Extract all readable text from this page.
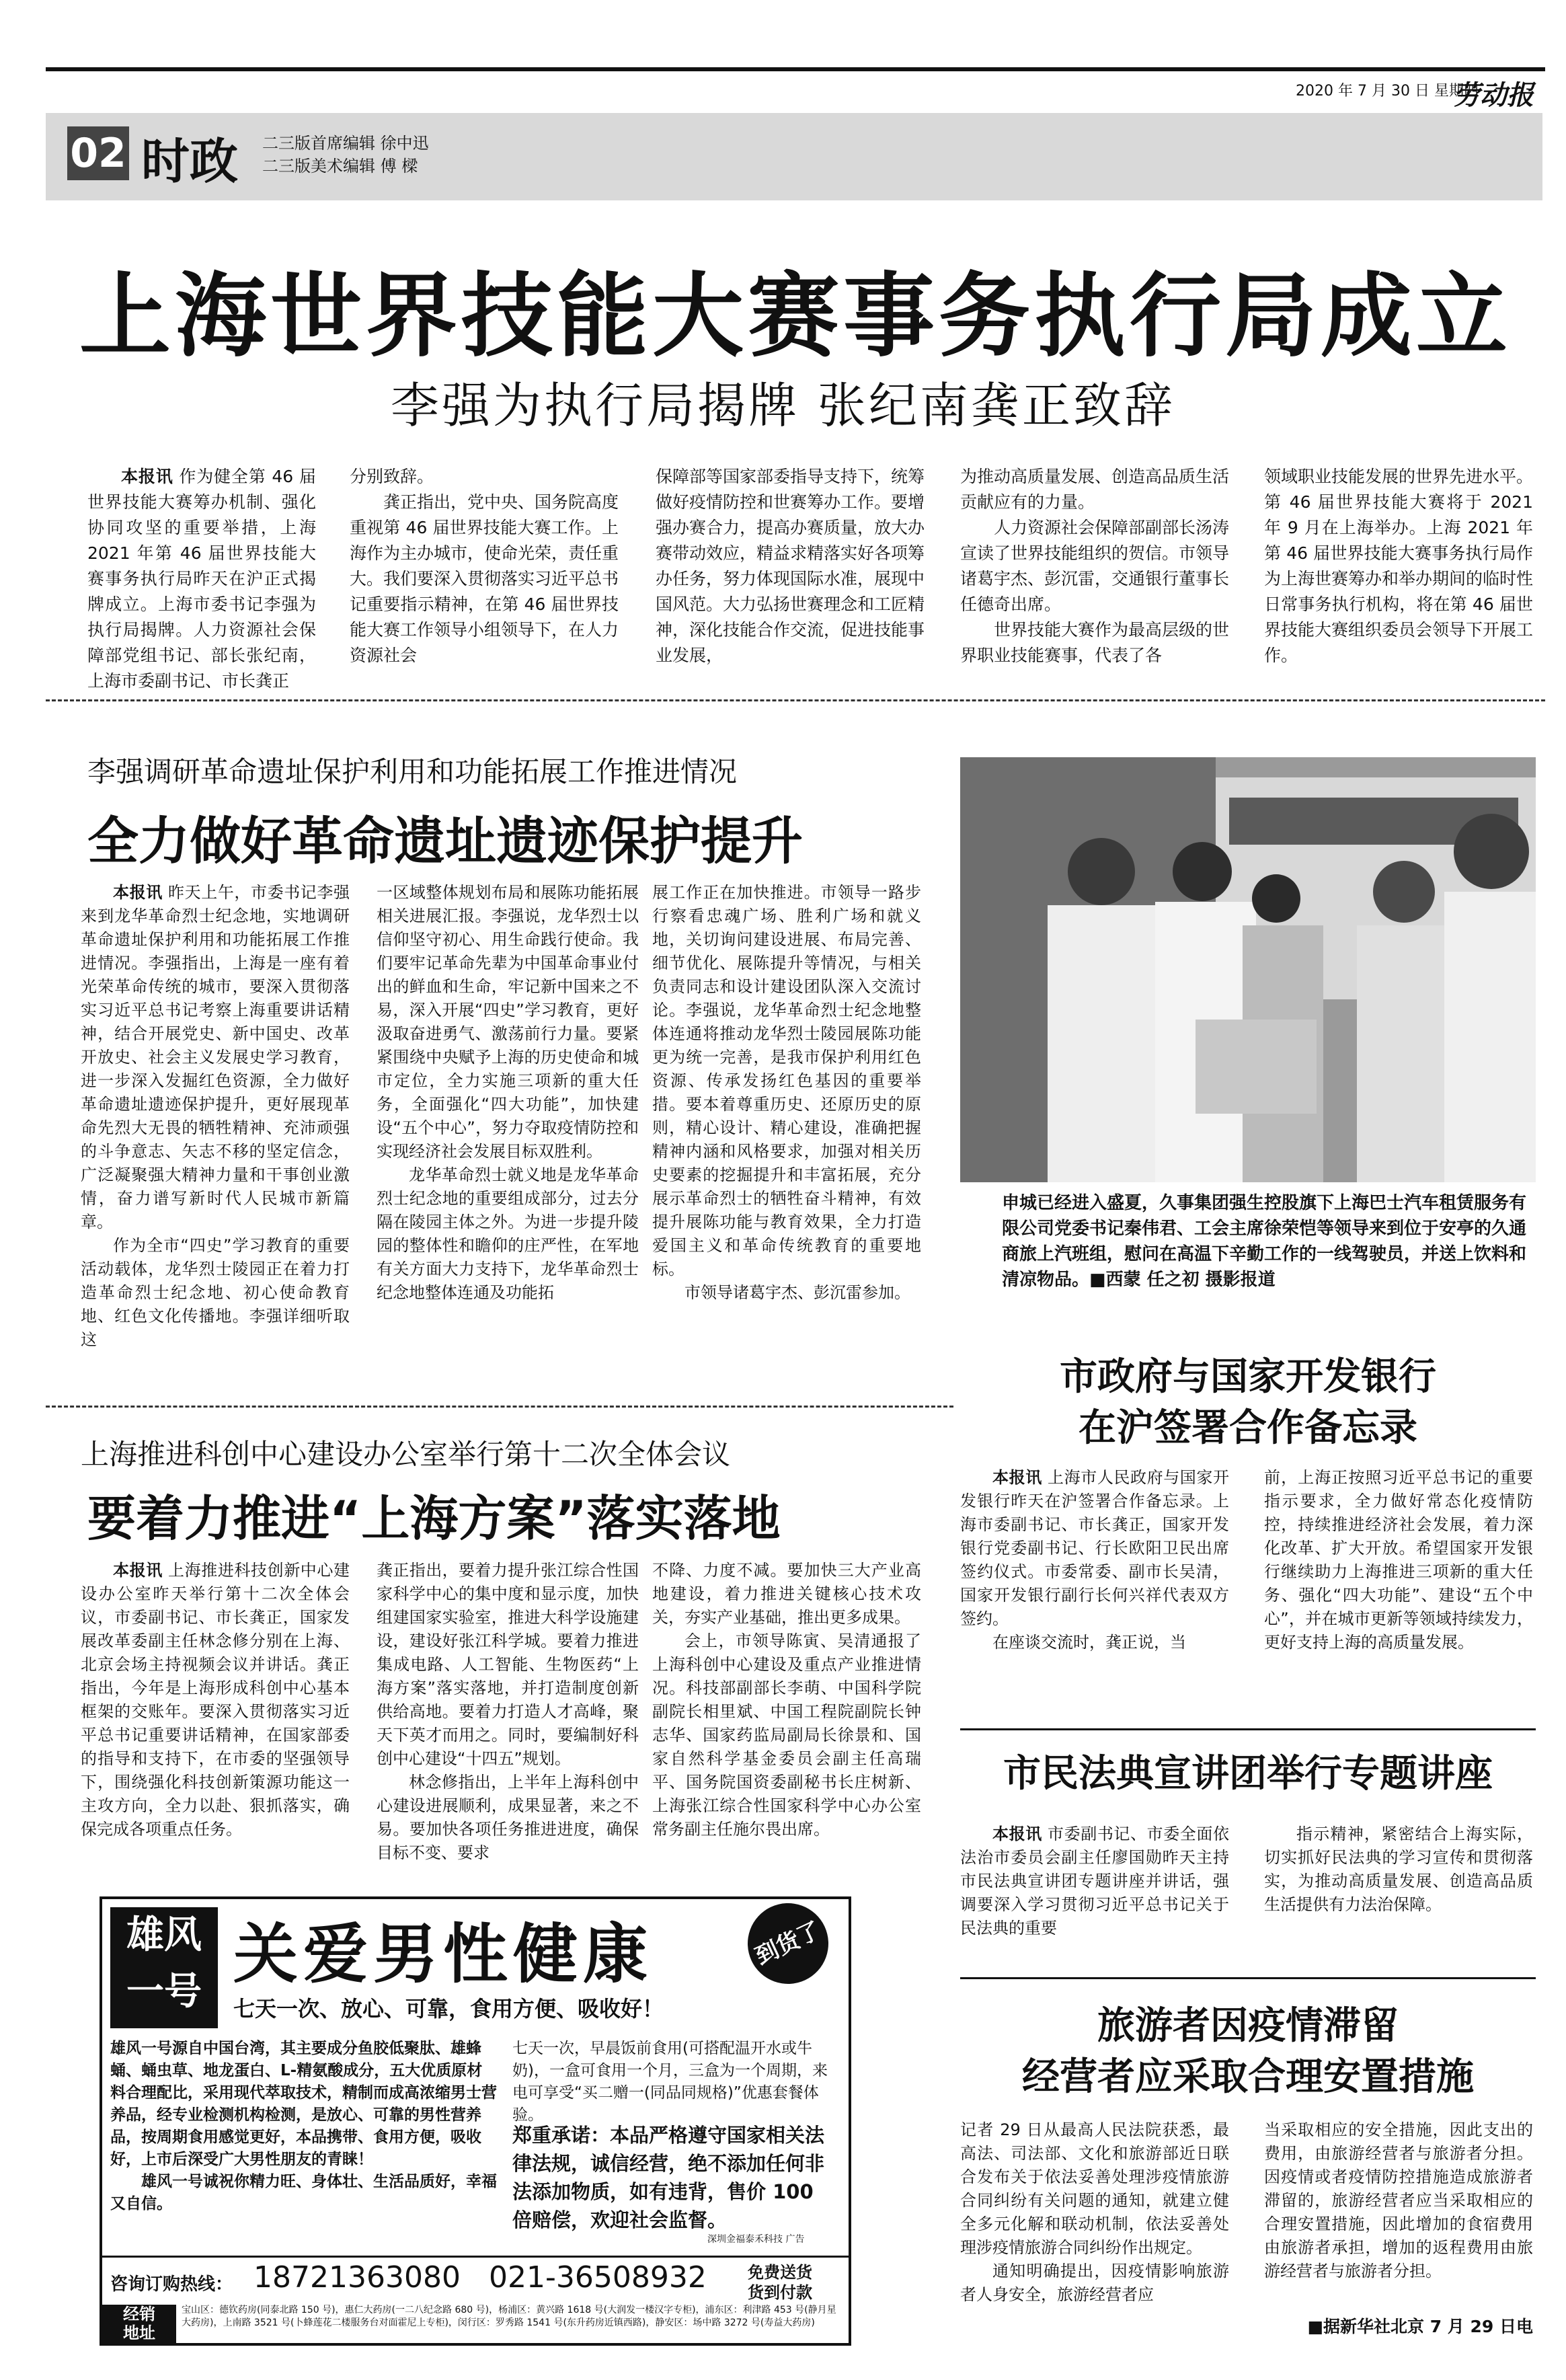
2020 年 7 月 30 日 星期四
劳动报
02 时政 二三版首席编辑 徐中迅
二三版美术编辑 傅 樑
上海世界技能大赛事务执行局成立
李强为执行局揭牌 张纪南龚正致辞

本报讯 作为健全第 46 届世界技能大赛筹办机制、强化协同攻坚的重要举措，上海 2021 年第 46 届世界技能大赛事务执行局昨天在沪正式揭牌成立。上海市委书记李强为执行局揭牌。人力资源社会保障部党组书记、部长张纪南，上海市委副书记、市长龚正

分别致辞。

龚正指出，党中央、国务院高度重视第 46 届世界技能大赛工作。上海作为主办城市，使命光荣，责任重大。我们要深入贯彻落实习近平总书记重要指示精神，在第 46 届世界技能大赛工作领导小组领导下，在人力资源社会

保障部等国家部委指导支持下，统筹做好疫情防控和世赛筹办工作。要增强办赛合力，提高办赛质量，放大办赛带动效应，精益求精落实好各项筹办任务，努力体现国际水准，展现中国风范。大力弘扬世赛理念和工匠精神，深化技能合作交流，促进技能事业发展，

为推动高质量发展、创造高品质生活贡献应有的力量。

人力资源社会保障部副部长汤涛宣读了世界技能组织的贺信。市领导诸葛宇杰、彭沉雷，交通银行董事长任德奇出席。

世界技能大赛作为最高层级的世界职业技能赛事，代表了各

领域职业技能发展的世界先进水平。第 46 届世界技能大赛将于 2021 年 9 月在上海举办。上海 2021 年第 46 届世界技能大赛事务执行局作为上海世赛筹办和举办期间的临时性日常事务执行机构，将在第 46 届世界技能大赛组织委员会领导下开展工作。

李强调研革命遗址保护利用和功能拓展工作推进情况
全力做好革命遗址遗迹保护提升

本报讯 昨天上午，市委书记李强来到龙华革命烈士纪念地，实地调研革命遗址保护利用和功能拓展工作推进情况。李强指出，上海是一座有着光荣革命传统的城市，要深入贯彻落实习近平总书记考察上海重要讲话精神，结合开展党史、新中国史、改革开放史、社会主义发展史学习教育，进一步深入发掘红色资源，全力做好革命遗址遗迹保护提升，更好展现革命先烈大无畏的牺牲精神、充沛顽强的斗争意志、矢志不移的坚定信念，广泛凝聚强大精神力量和干事创业激情，奋力谱写新时代人民城市新篇章。
作为全市“四史”学习教育的重要活动载体，龙华烈士陵园正在着力打造革命烈士纪念地、初心使命教育地、红色文化传播地。李强详细听取这

一区域整体规划布局和展陈功能拓展相关进展汇报。李强说，龙华烈士以信仰坚守初心、用生命践行使命。我们要牢记革命先辈为中国革命事业付出的鲜血和生命，牢记新中国来之不易，深入开展“四史”学习教育，更好汲取奋进勇气、激荡前行力量。要紧紧围绕中央赋予上海的历史使命和城市定位，全力实施三项新的重大任务，全面强化“四大功能”，加快建设“五个中心”，努力夺取疫情防控和实现经济社会发展目标双胜利。

龙华革命烈士就义地是龙华革命烈士纪念地的重要组成部分，过去分隔在陵园主体之外。为进一步提升陵园的整体性和瞻仰的庄严性，在军地有关方面大力支持下，龙华革命烈士纪念地整体连通及功能拓

展工作正在加快推进。市领导一路步行察看忠魂广场、胜利广场和就义地，关切询问建设进展、布局完善、细节优化、展陈提升等情况，与相关负责同志和设计建设团队深入交流讨论。李强说，龙华革命烈士纪念地整体连通将推动龙华烈士陵园展陈功能更为统一完善，是我市保护利用红色资源、传承发扬红色基因的重要举措。要本着尊重历史、还原历史的原则，精心设计、精心建设，准确把握精神内涵和风格要求，加强对相关历史要素的挖掘提升和丰富拓展，充分展示革命烈士的牺牲奋斗精神，有效提升展陈功能与教育效果，全力打造爱国主义和革命传统教育的重要地标。

市领导诸葛宇杰、彭沉雷参加。

申城已经进入盛夏，久事集团强生控股旗下上海巴士汽车租赁服务有限公司党委书记秦伟君、工会主席徐荣恺等领导来到位于安亭的久通商旅上汽班组，慰问在高温下辛勤工作的一线驾驶员，并送上饮料和清凉物品。■西蒙 任之初 摄影报道
上海推进科创中心建设办公室举行第十二次全体会议
要着力推进“上海方案”落实落地

本报讯 上海推进科技创新中心建设办公室昨天举行第十二次全体会议，市委副书记、市长龚正，国家发展改革委副主任林念修分别在上海、北京会场主持视频会议并讲话。龚正指出，今年是上海形成科创中心基本框架的交账年。要深入贯彻落实习近平总书记重要讲话精神，在国家部委的指导和支持下，在市委的坚强领导下，围绕强化科技创新策源功能这一主攻方向，全力以赴、狠抓落实，确保完成各项重点任务。

龚正指出，要着力提升张江综合性国家科学中心的集中度和显示度，加快组建国家实验室，推进大科学设施建设，建设好张江科学城。要着力推进集成电路、人工智能、生物医药“上海方案”落实落地，并打造制度创新供给高地。要着力打造人才高峰，聚天下英才而用之。同时，要编制好科创中心建设“十四五”规划。

林念修指出，上半年上海科创中心建设进展顺利，成果显著，来之不易。要加快各项任务推进进度，确保目标不变、要求

不降、力度不减。要加快三大产业高地建设，着力推进关键核心技术攻关，夯实产业基础，推出更多成果。

会上，市领导陈寅、吴清通报了上海科创中心建设及重点产业推进情况。科技部副部长李萌、中国科学院副院长相里斌、中国工程院副院长钟志华、国家药监局副局长徐景和、国家自然科学基金委员会副主任高瑞平、国务院国资委副秘书长庄树新、上海张江综合性国家科学中心办公室常务副主任施尔畏出席。

市政府与国家开发银行
在沪签署合作备忘录

本报讯 上海市人民政府与国家开发银行昨天在沪签署合作备忘录。上海市委副书记、市长龚正，国家开发银行党委副书记、行长欧阳卫民出席签约仪式。市委常委、副市长吴清，国家开发银行副行长何兴祥代表双方签约。
在座谈交流时，龚正说，当

前，上海正按照习近平总书记的重要指示要求，全力做好常态化疫情防控，持续推进经济社会发展，着力深化改革、扩大开放。希望国家开发银行继续助力上海推进三项新的重大任务、强化“四大功能”、建设“五个中心”，并在城市更新等领域持续发力，更好支持上海的高质量发展。

市民法典宣讲团举行专题讲座

本报讯 市委副书记、市委全面依法治市委员会副主任廖国勋昨天主持市民法典宣讲团专题讲座并讲话，强调要深入学习贯彻习近平总书记关于民法典的重要

指示精神，紧密结合上海实际，切实抓好民法典的学习宣传和贯彻落实，为推动高质量发展、创造高品质生活提供有力法治保障。

旅游者因疫情滞留
经营者应采取合理安置措施

记者 29 日从最高人民法院获悉，最高法、司法部、文化和旅游部近日联合发布关于依法妥善处理涉疫情旅游合同纠纷有关问题的通知，就建立健全多元化解和联动机制，依法妥善处理涉疫情旅游合同纠纷作出规定。

通知明确提出，因疫情影响旅游者人身安全，旅游经营者应

当采取相应的安全措施，因此支出的费用，由旅游经营者与旅游者分担。因疫情或者疫情防控措施造成旅游者滞留的，旅游经营者应当采取相应的合理安置措施，因此增加的食宿费用由旅游者承担，增加的返程费用由旅游经营者与旅游者分担。

■据新华社北京 7 月 29 日电
雄风
一号 关爱男性健康	到货了
七天一次、放心、可靠，食用方便、吸收好！

雄风一号源自中国台湾，其主要成分鱼胶低聚肽、雄蜂蛹、蛹虫草、地龙蛋白、L-精氨酸成分，五大优质原材料合理配比，采用现代萃取技术，精制而成高浓缩男士营养品，经专业检测机构检测，是放心、可靠的男性营养品，按周期食用感觉更好，本品携带、食用方便，吸收好，上市后深受广大男性朋友的青睐！
雄风一号诚祝你精力旺、身体壮、生活品质好，幸福又自信。

七天一次，早晨饭前食用(可搭配温开水或牛奶)，一盒可食用一个月，三盒为一个周期，来电可享受“买二赠一(同品同规格)”优惠套餐体验。
郑重承诺：本品严格遵守国家相关法律法规，诚信经营，绝不添加任何非法添加物质，如有违背，售价 100 倍赔偿，欢迎社会监督。
深圳金福泰禾科技 广告
咨询订购热线： 18721363080 021-36508932	免费送货
货到付款
经销
地址
宝山区：德钦药房(同泰北路 150 号)，惠仁大药房(一二八纪念路 680 号)，杨浦区：黄兴路 1618 号(大润发一楼汉字专柜)，浦东区：利津路 453 号(静月星大药房)，上南路 3521 号(卜蜂莲花二楼服务台对面霍尼上专柜)，闵行区：罗秀路 1541 号(东升药房近镇西路)，静安区：场中路 3272 号(寿益大药房)
